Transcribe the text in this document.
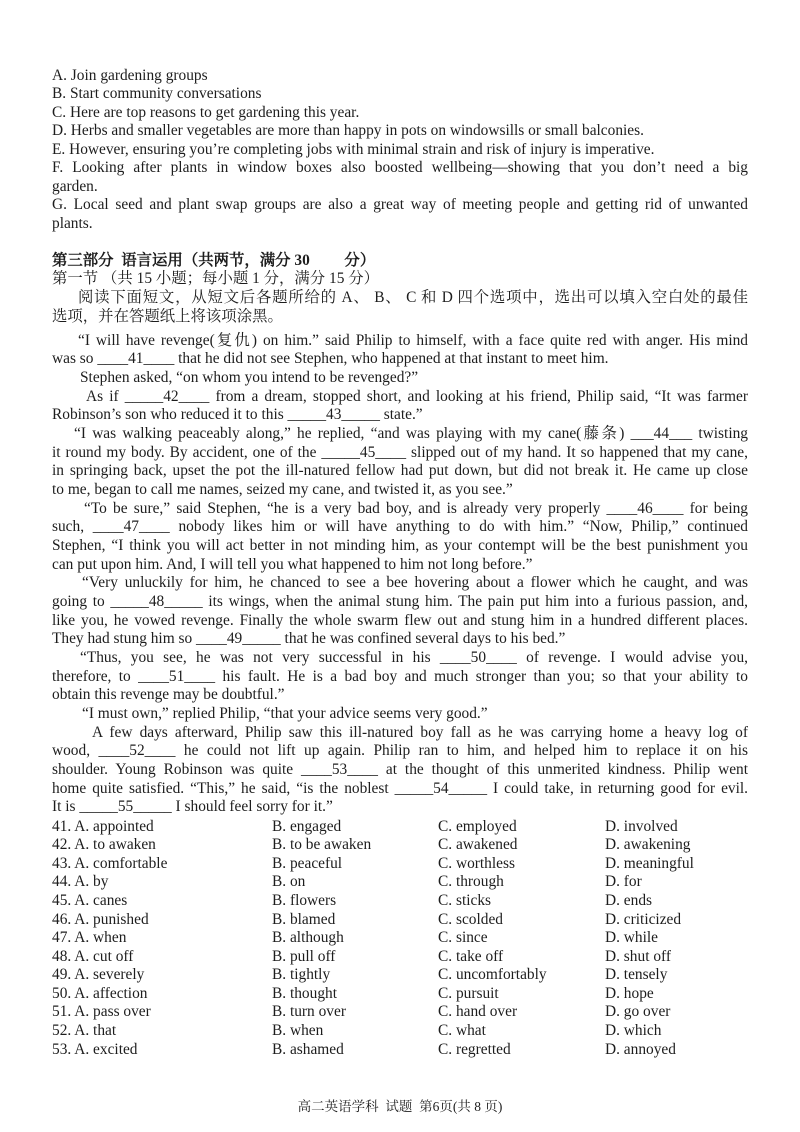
A. Join gardening groups
B. Start community conversations
C. Here are top reasons to get gardening this year.
D. Herbs and smaller vegetables are more than happy in pots on windowsills or small balconies.
E. However, ensuring you’re completing jobs with minimal strain and risk of injury is imperative.
F. Looking after plants in window boxes also boosted wellbeing—showing that you don’t need a big
garden.
G. Local seed and plant swap groups are also a great way of meeting people and getting rid of unwanted
plants.
第三部分  语言运用（共两节，满分 30         分）
第一节 （共 15 小题；每小题 1 分，满分 15 分）
阅读下面短文，从短文后各题所给的 A、 B、 C 和 D 四个选项中，选出可以填入空白处的最佳
选项，并在答题纸上将该项涂黑。
“I will have revenge(复仇) on him.” said Philip to himself, with a face quite red with anger. His mind
was so ____41____ that he did not see Stephen, who happened at that instant to meet him.
Stephen asked, “on whom you intend to be revenged?”
As if _____42____ from a dream, stopped short, and looking at his friend, Philip said, “It was farmer
Robinson’s son who reduced it to this _____43_____ state.”
“I was walking peaceably along,” he replied, “and was playing with my cane(藤条) ___44___ twisting
it round my body. By accident, one of the _____45____ slipped out of my hand. It so happened that my cane,
in springing back, upset the pot the ill-natured fellow had put down, but did not break it. He came up close
to me, began to call me names, seized my cane, and twisted it, as you see.”
“To be sure,” said Stephen, “he is a very bad boy, and is already very properly ____46____ for being
such, ____47____ nobody likes him or will have anything to do with him.” “Now, Philip,” continued
Stephen, “I think you will act better in not minding him, as your contempt will be the best punishment you
can put upon him. And, I will tell you what happened to him not long before.”
“Very unluckily for him, he chanced to see a bee hovering about a flower which he caught, and was
going to _____48_____ its wings, when the animal stung him. The pain put him into a furious passion, and,
like you, he vowed revenge. Finally the whole swarm flew out and stung him in a hundred different places.
They had stung him so ____49_____ that he was confined several days to his bed.”
“Thus, you see, he was not very successful in his ____50____ of revenge. I would advise you,
therefore, to ____51____ his fault. He is a bad boy and much stronger than you; so that your ability to
obtain this revenge may be doubtful.”
“I must own,” replied Philip, “that your advice seems very good.”
A few days afterward, Philip saw this ill-natured boy fall as he was carrying home a heavy log of
wood, ____52____ he could not lift up again. Philip ran to him, and helped him to replace it on his
shoulder. Young Robinson was quite ____53____ at the thought of this unmerited kindness. Philip went
home quite satisfied. “This,” he said, “is the noblest _____54_____ I could take, in returning good for evil.
It is _____55_____ I should feel sorry for it.”
41. A. appointed	B. engaged	C. employed	D. involved
42. A. to awaken	B. to be awaken	C. awakened	D. awakening
43. A. comfortable	B. peaceful	C. worthless	D. meaningful
44. A. by	B. on	C. through	D. for
45. A. canes	B. flowers	C. sticks	D. ends
46. A. punished	B. blamed	C. scolded	D. criticized
47. A. when	B. although	C. since	D. while
48. A. cut off	B. pull off	C. take off	D. shut off
49. A. severely	B. tightly	C. uncomfortably	D. tensely
50. A. affection	B. thought	C. pursuit	D. hope
51. A. pass over	B. turn over	C. hand over	D. go over
52. A. that	B. when	C. what	D. which
53. A. excited	B. ashamed	C. regretted	D. annoyed
高二英语学科  试题  第6页(共 8 页)
